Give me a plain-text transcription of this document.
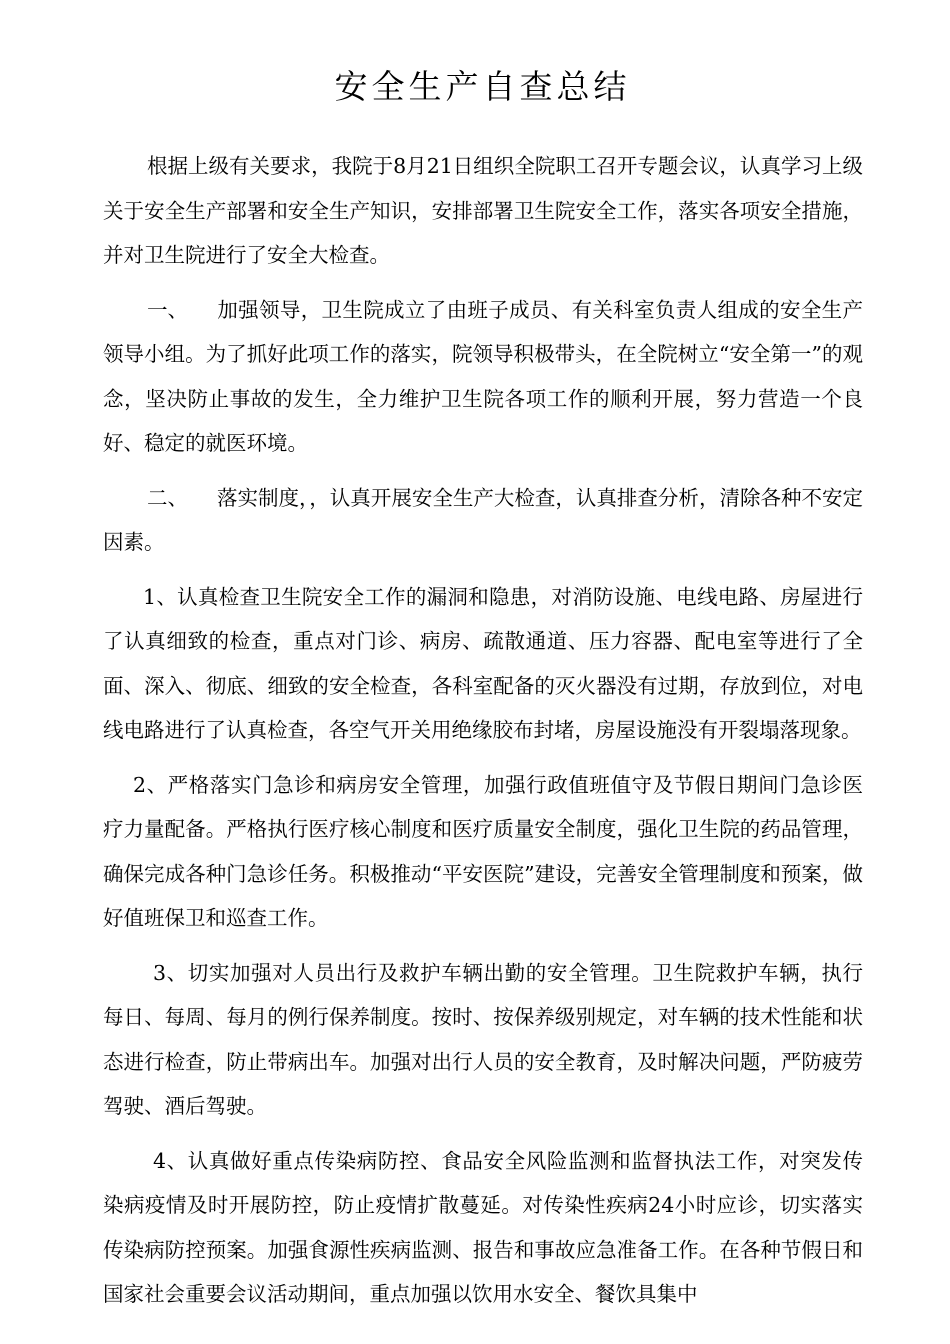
安全生产自查总结

根据上级有关要求，我院于8月21日组织全院职工召开专题会议，认真学习上级关于安全生产部署和安全生产知识，安排部署卫生院安全工作，落实各项安全措施，并对卫生院进行了安全大检查。

一、 加强领导，卫生院成立了由班子成员、有关科室负责人组成的安全生产领导小组。为了抓好此项工作的落实，院领导积极带头，在全院树立“安全第一”的观念，坚决防止事故的发生，全力维护卫生院各项工作的顺利开展，努力营造一个良好、稳定的就医环境。

二、 落实制度，，认真开展安全生产大检查，认真排查分析，清除各种不安定因素。

1、认真检查卫生院安全工作的漏洞和隐患，对消防设施、电线电路、房屋进行了认真细致的检查，重点对门诊、病房、疏散通道、压力容器、配电室等进行了全面、深入、彻底、细致的安全检查，各科室配备的灭火器没有过期，存放到位，对电线电路进行了认真检查，各空气开关用绝缘胶布封堵，房屋设施没有开裂塌落现象。

2、严格落实门急诊和病房安全管理，加强行政值班值守及节假日期间门急诊医疗力量配备。严格执行医疗核心制度和医疗质量安全制度，强化卫生院的药品管理，确保完成各种门急诊任务。积极推动“平安医院”建设，完善安全管理制度和预案，做好值班保卫和巡查工作。

3、切实加强对人员出行及救护车辆出勤的安全管理。卫生院救护车辆，执行每日、每周、每月的例行保养制度。按时、按保养级别规定，对车辆的技术性能和状态进行检查，防止带病出车。加强对出行人员的安全教育，及时解决问题，严防疲劳驾驶、酒后驾驶。

4、认真做好重点传染病防控、食品安全风险监测和监督执法工作，对突发传染病疫情及时开展防控，防止疫情扩散蔓延。对传染性疾病24小时应诊，切实落实传染病防控预案。加强食源性疾病监测、报告和事故应急准备工作。在各种节假日和国家社会重要会议活动期间，重点加强以饮用水安全、餐饮具集中
